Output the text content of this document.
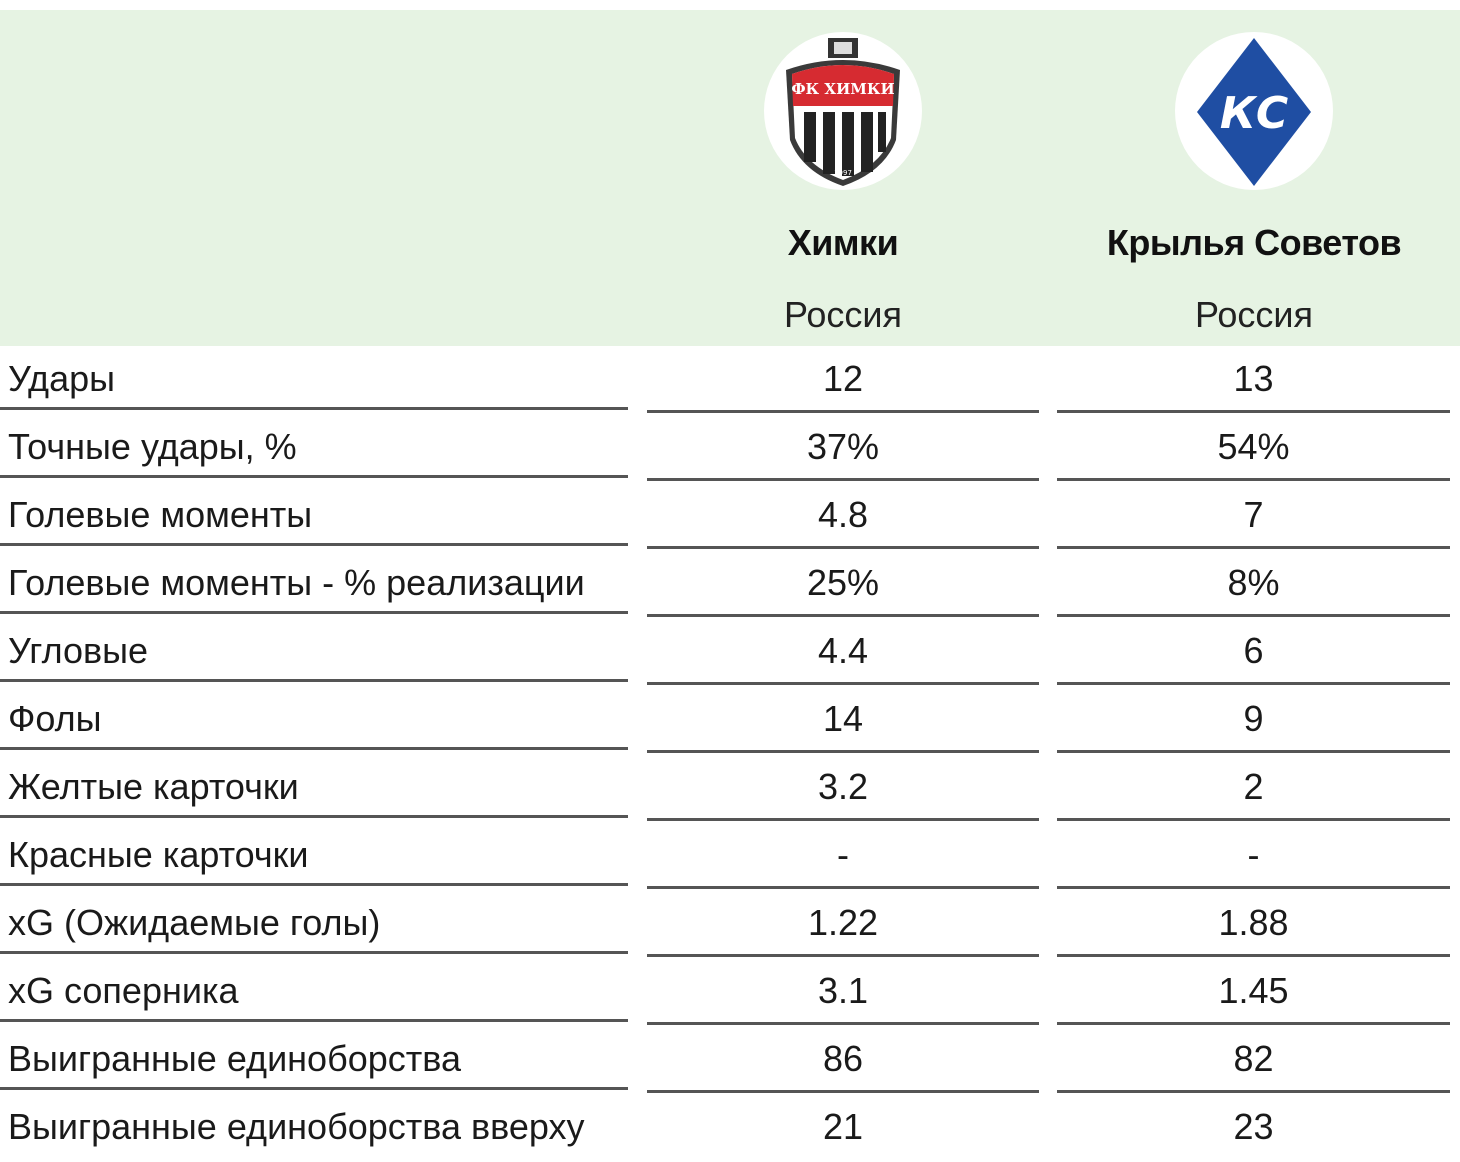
ФК ХИМКИ
1997
Химки
Россия
КС
Крылья Советов
Россия
Удары	12	13
Точные удары, %	37%	54%
Голевые моменты	4.8	7
Голевые моменты - % реализации	25%	8%
Угловые	4.4	6
Фолы	14	9
Желтые карточки	3.2	2
Красные карточки	-	-
xG (Ожидаемые голы)	1.22	1.88
xG соперника	3.1	1.45
Выигранные единоборства	86	82
Выигранные единоборства вверху	21	23
